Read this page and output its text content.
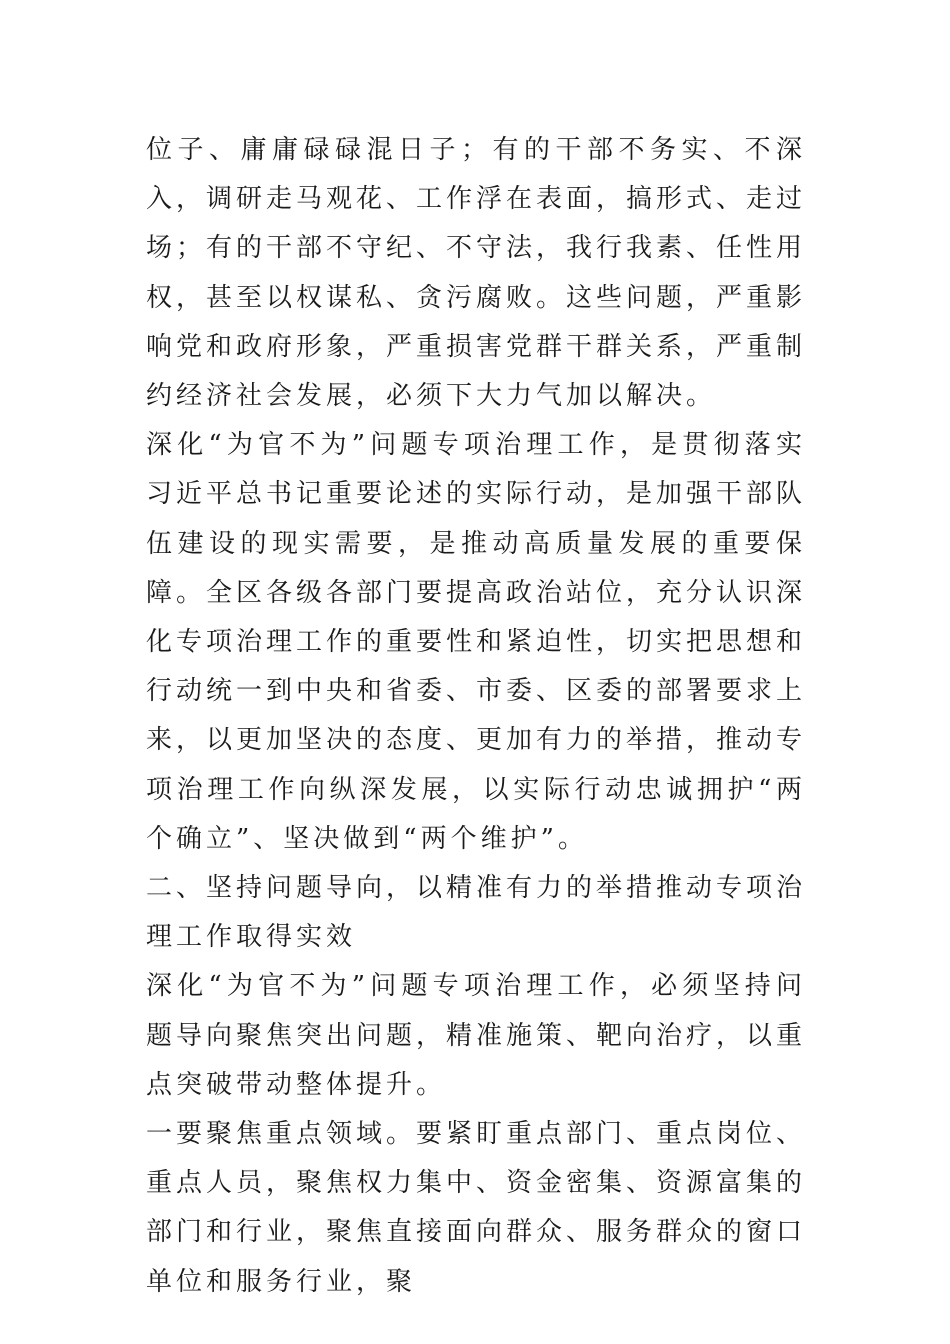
位子、庸庸碌碌混日子；有的干部不务实、不深入，调研走马观花、工作浮在表面，搞形式、走过场；有的干部不守纪、不守法，我行我素、任性用权，甚至以权谋私、贪污腐败。这些问题，严重影响党和政府形象，严重损害党群干群关系，严重制约经济社会发展，必须下大力气加以解决。

深化“为官不为”问题专项治理工作，是贯彻落实习近平总书记重要论述的实际行动，是加强干部队伍建设的现实需要，是推动高质量发展的重要保障。全区各级各部门要提高政治站位，充分认识深化专项治理工作的重要性和紧迫性，切实把思想和行动统一到中央和省委、市委、区委的部署要求上来，以更加坚决的态度、更加有力的举措，推动专项治理工作向纵深发展，以实际行动忠诚拥护“两个确立”、坚决做到“两个维护”。

二、坚持问题导向，以精准有力的举措推动专项治理工作取得实效

深化“为官不为”问题专项治理工作，必须坚持问题导向聚焦突出问题，精准施策、靶向治疗，以重点突破带动整体提升。

一要聚焦重点领域。要紧盯重点部门、重点岗位、重点人员，聚焦权力集中、资金密集、资源富集的部门和行业，聚焦直接面向群众、服务群众的窗口单位和服务行业，聚
